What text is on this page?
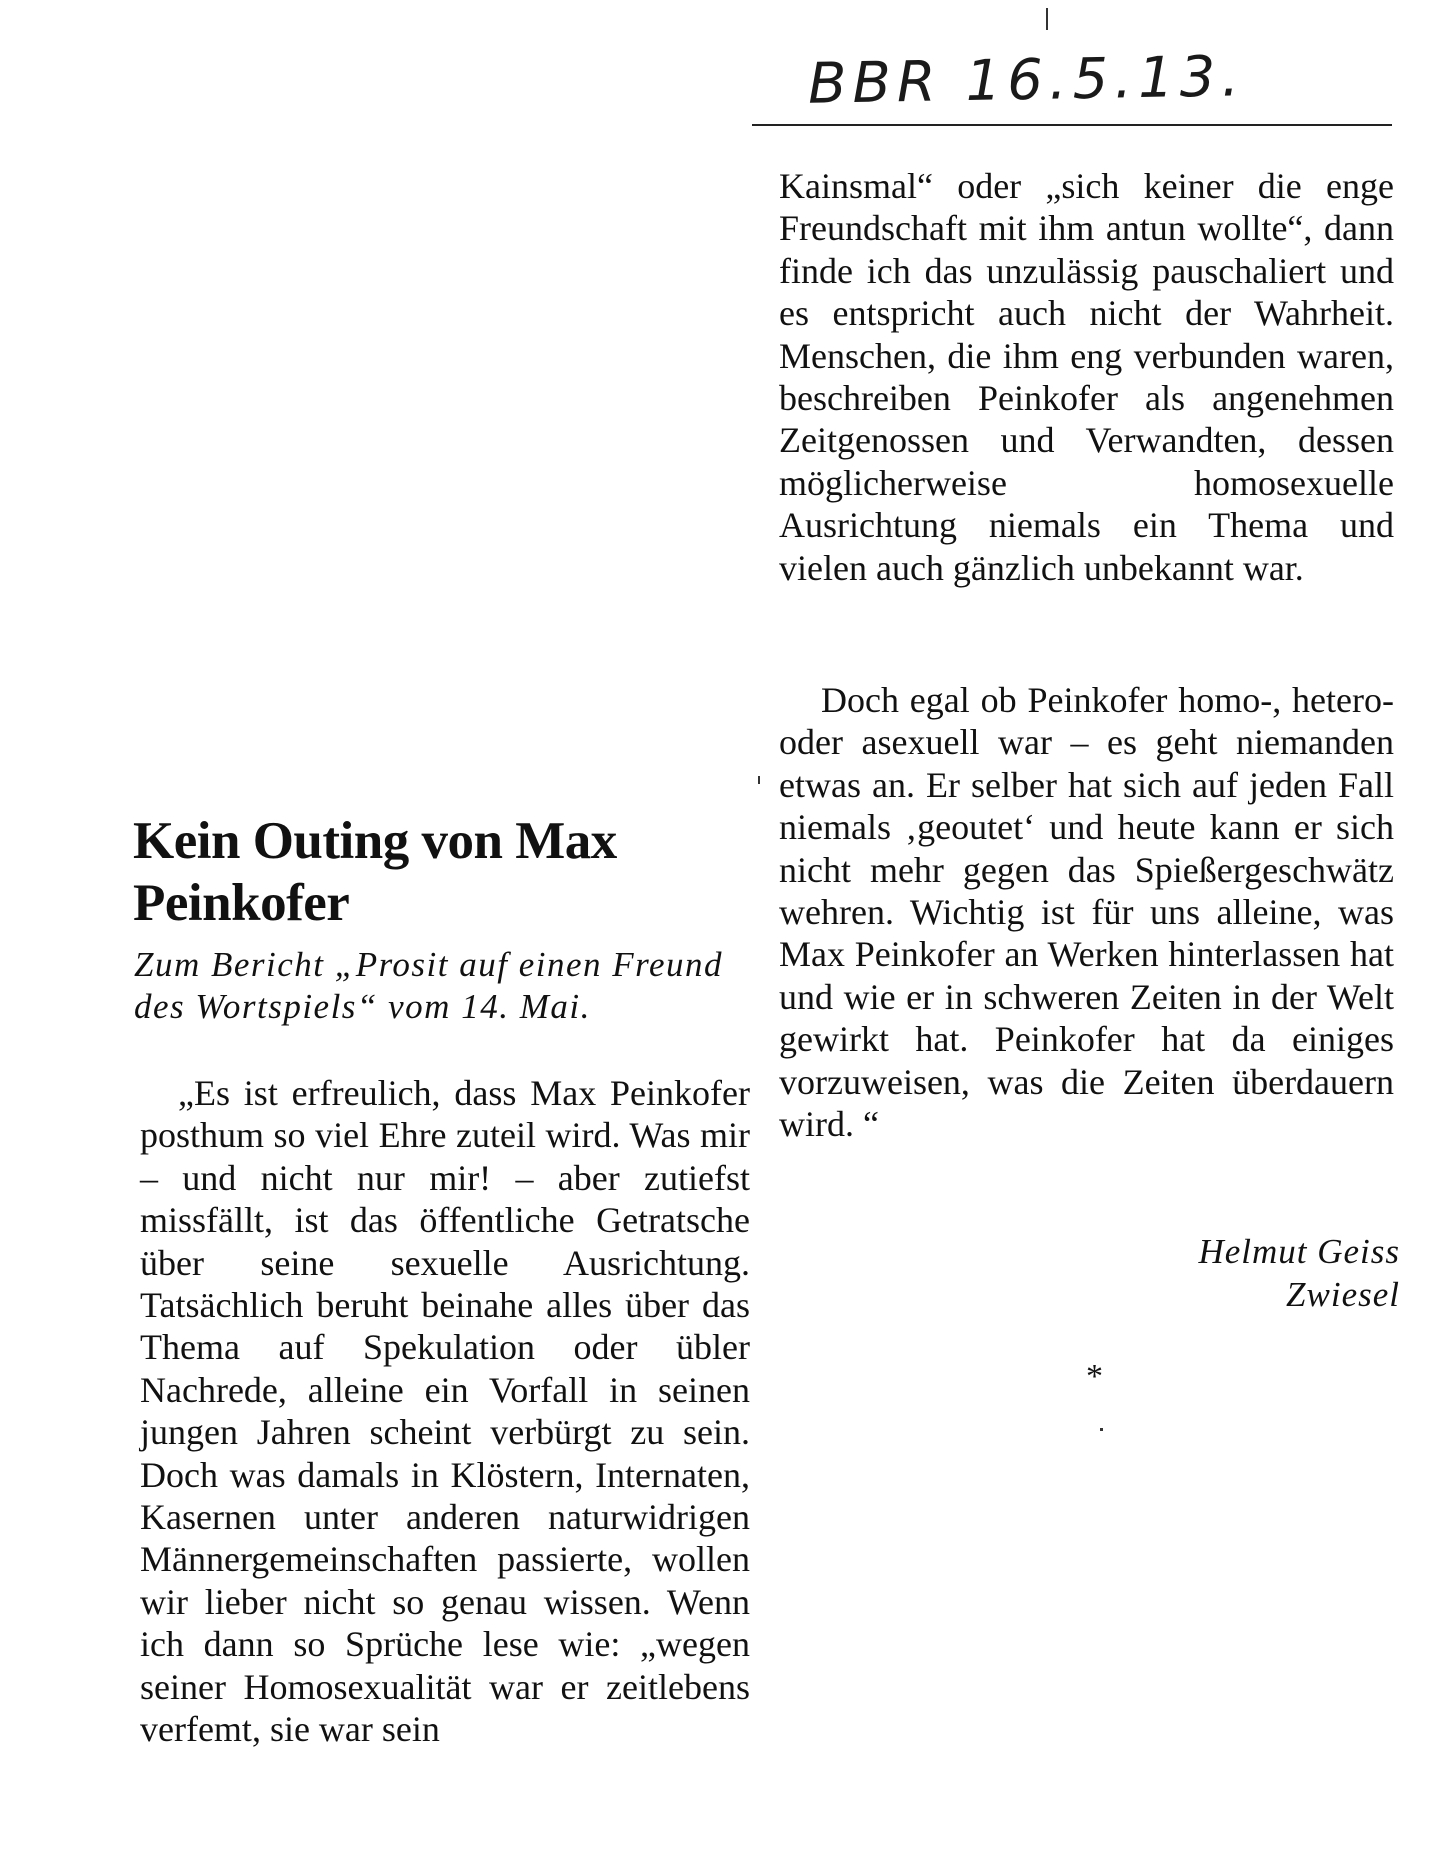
BBR 16.5.13.
Kein Outing von Max Peinkofer

Zum Bericht „Prosit auf einen Freund des Wortspiels“ vom 14. Mai.

„Es ist erfreulich, dass Max Peinkofer posthum so viel Ehre zuteil wird. Was mir – und nicht nur mir! – aber zutiefst missfällt, ist das öffentliche Getratsche über seine sexuelle Ausrichtung. Tatsächlich beruht beinahe alles über das Thema auf Spekulation oder übler Nachrede, alleine ein Vorfall in seinen jungen Jahren scheint verbürgt zu sein. Doch was damals in Klöstern, Internaten, Kasernen unter anderen naturwidrigen Männergemeinschaften passierte, wollen wir lieber nicht so genau wissen. Wenn ich dann so Sprüche lese wie: „wegen seiner Homosexualität war er zeitlebens verfemt, sie war sein

Kainsmal“ oder „sich keiner die enge Freundschaft mit ihm antun wollte“, dann finde ich das unzulässig pauschaliert und es entspricht auch nicht der Wahrheit. Menschen, die ihm eng verbunden waren, beschreiben Peinkofer als angenehmen Zeitgenossen und Verwandten, dessen möglicherweise homosexuelle Ausrichtung niemals ein Thema und vielen auch gänzlich unbekannt war.

Doch egal ob Peinkofer homo-, hetero- oder asexuell war – es geht niemanden etwas an. Er selber hat sich auf jeden Fall niemals ‚geoutet‘ und heute kann er sich nicht mehr gegen das Spießergeschwätz wehren. Wichtig ist für uns alleine, was Max Peinkofer an Werken hinterlassen hat und wie er in schweren Zeiten in der Welt gewirkt hat. Peinkofer hat da einiges vorzuweisen, was die Zeiten überdauern wird. “

Helmut Geiss
Zwiesel
*
